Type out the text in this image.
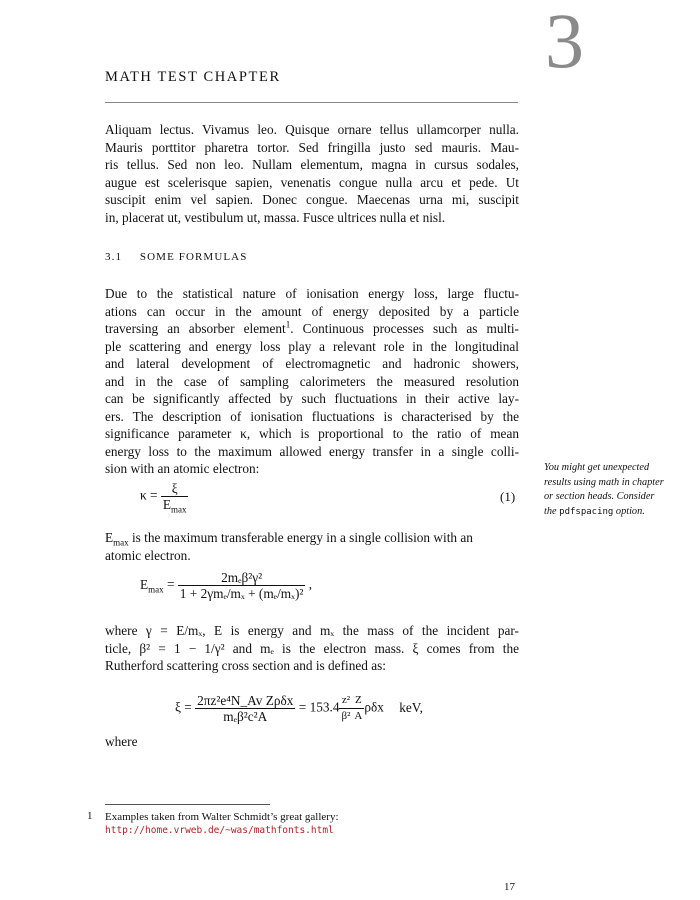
3
MATH TEST CHAPTER
Aliquam lectus. Vivamus leo. Quisque ornare tellus ullamcorper nulla.
Mauris porttitor pharetra tortor. Sed fringilla justo sed mauris. Mau-
ris tellus. Sed non leo. Nullam elementum, magna in cursus sodales,
augue est scelerisque sapien, venenatis congue nulla arcu et pede. Ut
suscipit enim vel sapien. Donec congue. Maecenas urna mi, suscipit
in, placerat ut, vestibulum ut, massa. Fusce ultrices nulla et nisl.
3.1 SOME FORMULAS
Due to the statistical nature of ionisation energy loss, large fluctu-
ations can occur in the amount of energy deposited by a particle
traversing an absorber element$^1$. Continuous processes such as multi-
ple scattering and energy loss play a relevant role in the longitudinal
and lateral development of electromagnetic and hadronic showers,
and in the case of sampling calorimeters the measured resolution
can be significantly affected by such fluctuations in their active lay-
ers. The description of ionisation fluctuations is characterised by the
significance parameter κ, which is proportional to the ratio of mean
energy loss to the maximum allowed energy transfer in a single colli-
sion with an atomic electron:	You might get unexpected results using math in chapter or section heads. Consider the pdfspacing option.
$\kappa = \frac{\xi}{E_{max}}$	(1)
$E_{max}$ is the maximum transferable energy in a single collision with an
atomic electron.
$E_{max} = \frac{\text{2mₑβ²γ²}}{\text{1 + 2γmₑ/mₓ + (mₑ/mₓ)²}}$ ,
where γ = E/mₓ, E is energy and mₓ the mass of the incident par-
ticle, β² = 1 − 1/γ² and mₑ is the electron mass. ξ comes from the
Rutherford scattering cross section and is defined as:
$\xi = \frac{\text{2πz²e⁴N\_Av Zρδx}}{\text{mₑβ²c²A}} = 153.4 \frac{\text{z²}}{\text{β²}} \frac{Z}{A}$ ρδx keV,
where
1 Examples taken from Walter Schmidt’s great gallery:
http://home.vrweb.de/~was/mathfonts.html
17
